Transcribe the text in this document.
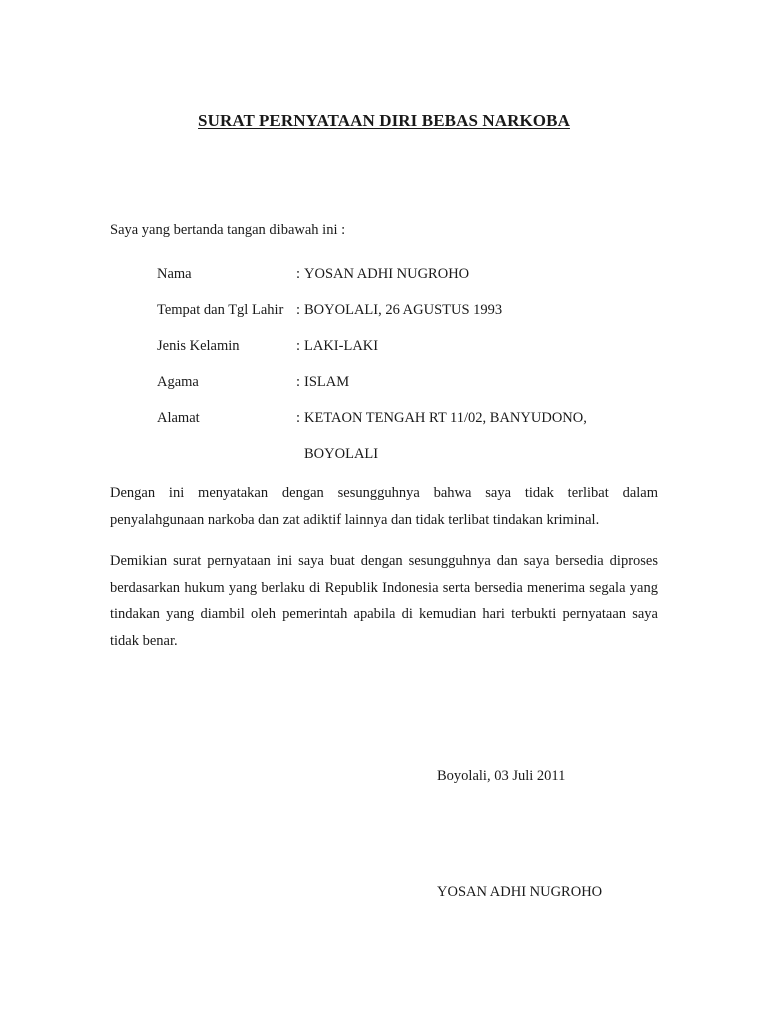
SURAT PERNYATAAN DIRI BEBAS NARKOBA
Saya yang bertanda tangan dibawah ini :
Nama	: YOSAN ADHI NUGROHO
Tempat dan Tgl Lahir : BOYOLALI, 26 AGUSTUS 1993
Jenis Kelamin	: LAKI-LAKI
Agama	: ISLAM
Alamat	: KETAON TENGAH RT 11/02, BANYUDONO,
BOYOLALI

Dengan ini menyatakan dengan sesungguhnya bahwa saya tidak terlibat dalam penyalahgunaan narkoba dan zat adiktif lainnya dan tidak terlibat tindakan kriminal.

Demikian surat pernyataan ini saya buat dengan sesungguhnya dan saya bersedia diproses berdasarkan hukum yang berlaku di Republik Indonesia serta bersedia menerima segala yang tindakan yang diambil oleh pemerintah apabila di kemudian hari terbukti pernyataan saya tidak benar.

Boyolali, 03 Juli 2011
YOSAN ADHI NUGROHO
